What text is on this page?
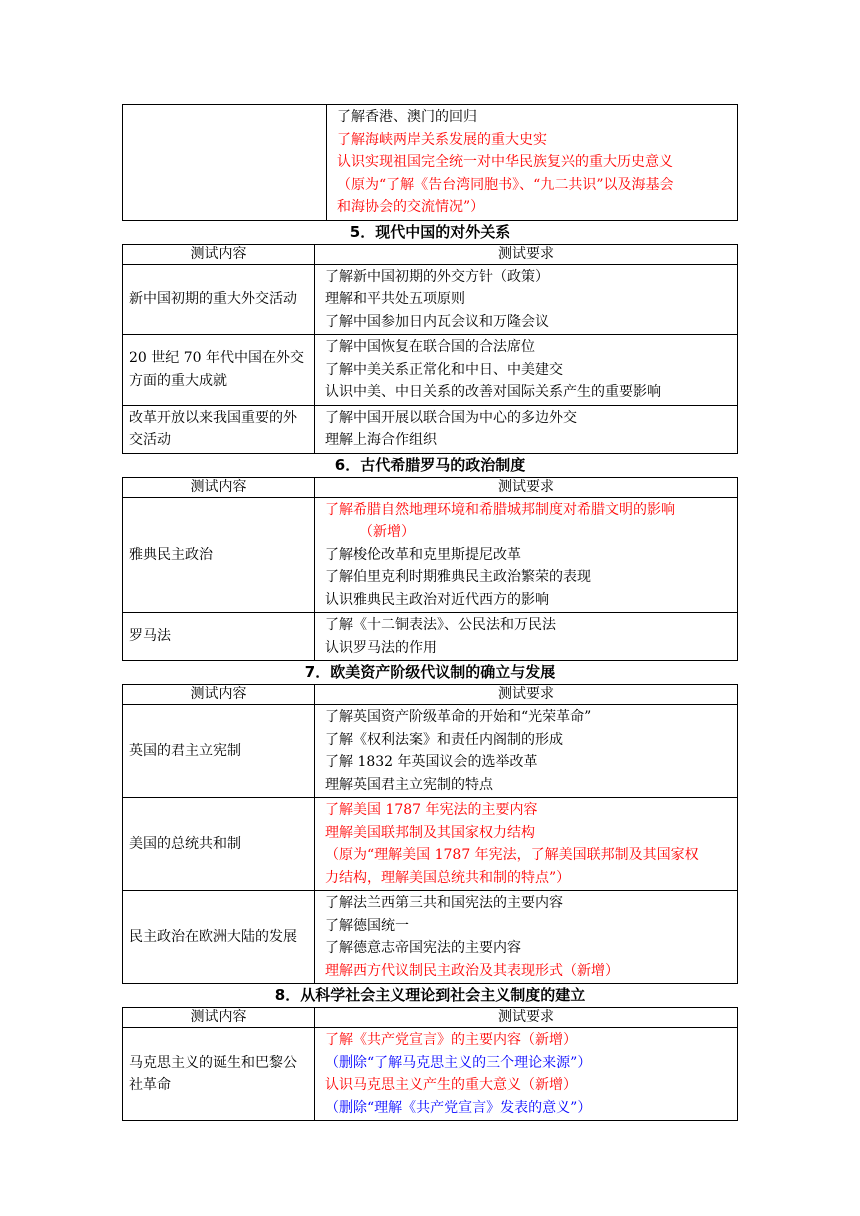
了解香港、澳门的回归
了解海峡两岸关系发展的重大史实
认识实现祖国完全统一对中华民族复兴的重大历史意义
（原为“了解《告台湾同胞书》、“九二共识”以及海基会
和海协会的交流情况”）
5．现代中国的对外关系
测试内容	测试要求
新中国初期的重大外交活动	了解新中国初期的外交方针（政策）
理解和平共处五项原则
了解中国参加日内瓦会议和万隆会议

20 世纪 70 年代中国在外交方面的重大成就	了解中国恢复在联合国的合法席位
了解中美关系正常化和中日、中美建交
认识中美、中日关系的改善对国际关系产生的重要影响

改革开放以来我国重要的外交活动	了解中国开展以联合国为中心的多边外交
理解上海合作组织
6．古代希腊罗马的政治制度
测试内容	测试要求
雅典民主政治	了解希腊自然地理环境和希腊城邦制度对希腊文明的影响
（新增）
了解梭伦改革和克里斯提尼改革
了解伯里克利时期雅典民主政治繁荣的表现
认识雅典民主政治对近代西方的影响

罗马法	了解《十二铜表法》、公民法和万民法
认识罗马法的作用
7．欧美资产阶级代议制的确立与发展
测试内容	测试要求
英国的君主立宪制	了解英国资产阶级革命的开始和“光荣革命”
了解《权利法案》和责任内阁制的形成
了解 1832 年英国议会的选举改革
理解英国君主立宪制的特点

美国的总统共和制	了解美国 1787 年宪法的主要内容
理解美国联邦制及其国家权力结构
（原为“理解美国 1787 年宪法，了解美国联邦制及其国家权
力结构，理解美国总统共和制的特点”）

民主政治在欧洲大陆的发展	了解法兰西第三共和国宪法的主要内容
了解德国统一
了解德意志帝国宪法的主要内容
理解西方代议制民主政治及其表现形式（新增）
8．从科学社会主义理论到社会主义制度的建立
测试内容	测试要求
马克思主义的诞生和巴黎公社革命	了解《共产党宣言》的主要内容（新增）
（删除“了解马克思主义的三个理论来源”）
认识马克思主义产生的重大意义（新增）
（删除“理解《共产党宣言》发表的意义”）
